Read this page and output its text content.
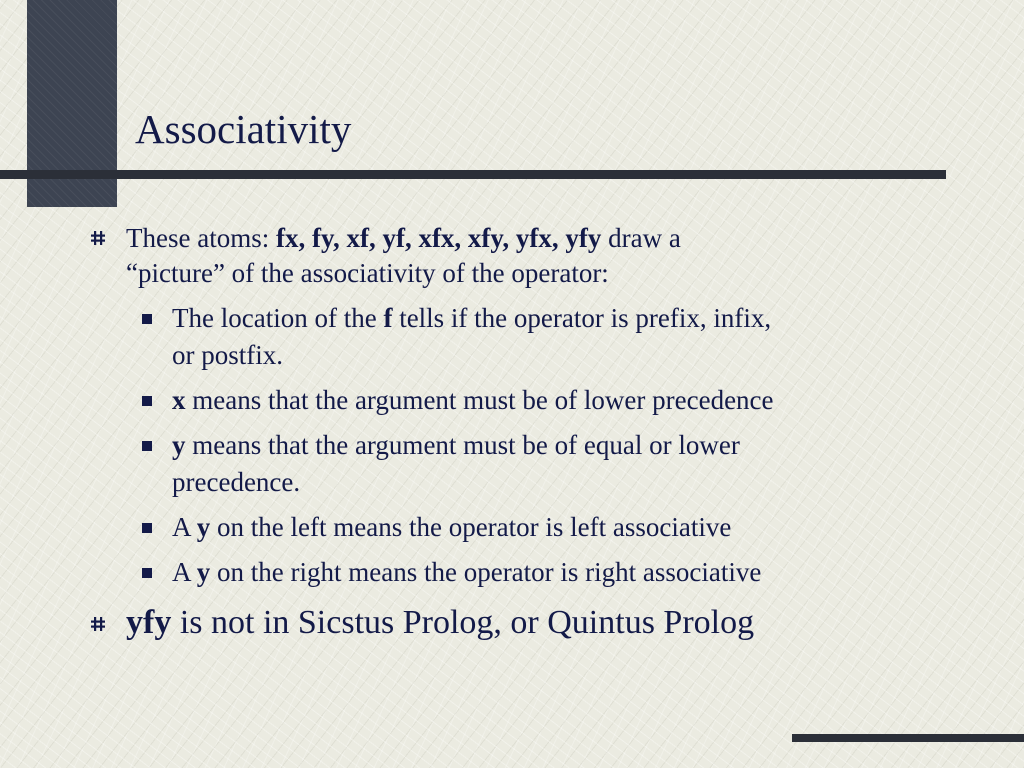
Associativity
These atoms: fx, fy, xf, yf, xfx, xfy, yfx, yfy draw a
“picture” of the associativity of the operator:
The location of the f tells if the operator is prefix, infix,
or postfix.
x means that the argument must be of lower precedence
y means that the argument must be of equal or lower
precedence.
A y on the left means the operator is left associative
A y on the right means the operator is right associative
yfy is not in Sicstus Prolog, or Quintus Prolog
